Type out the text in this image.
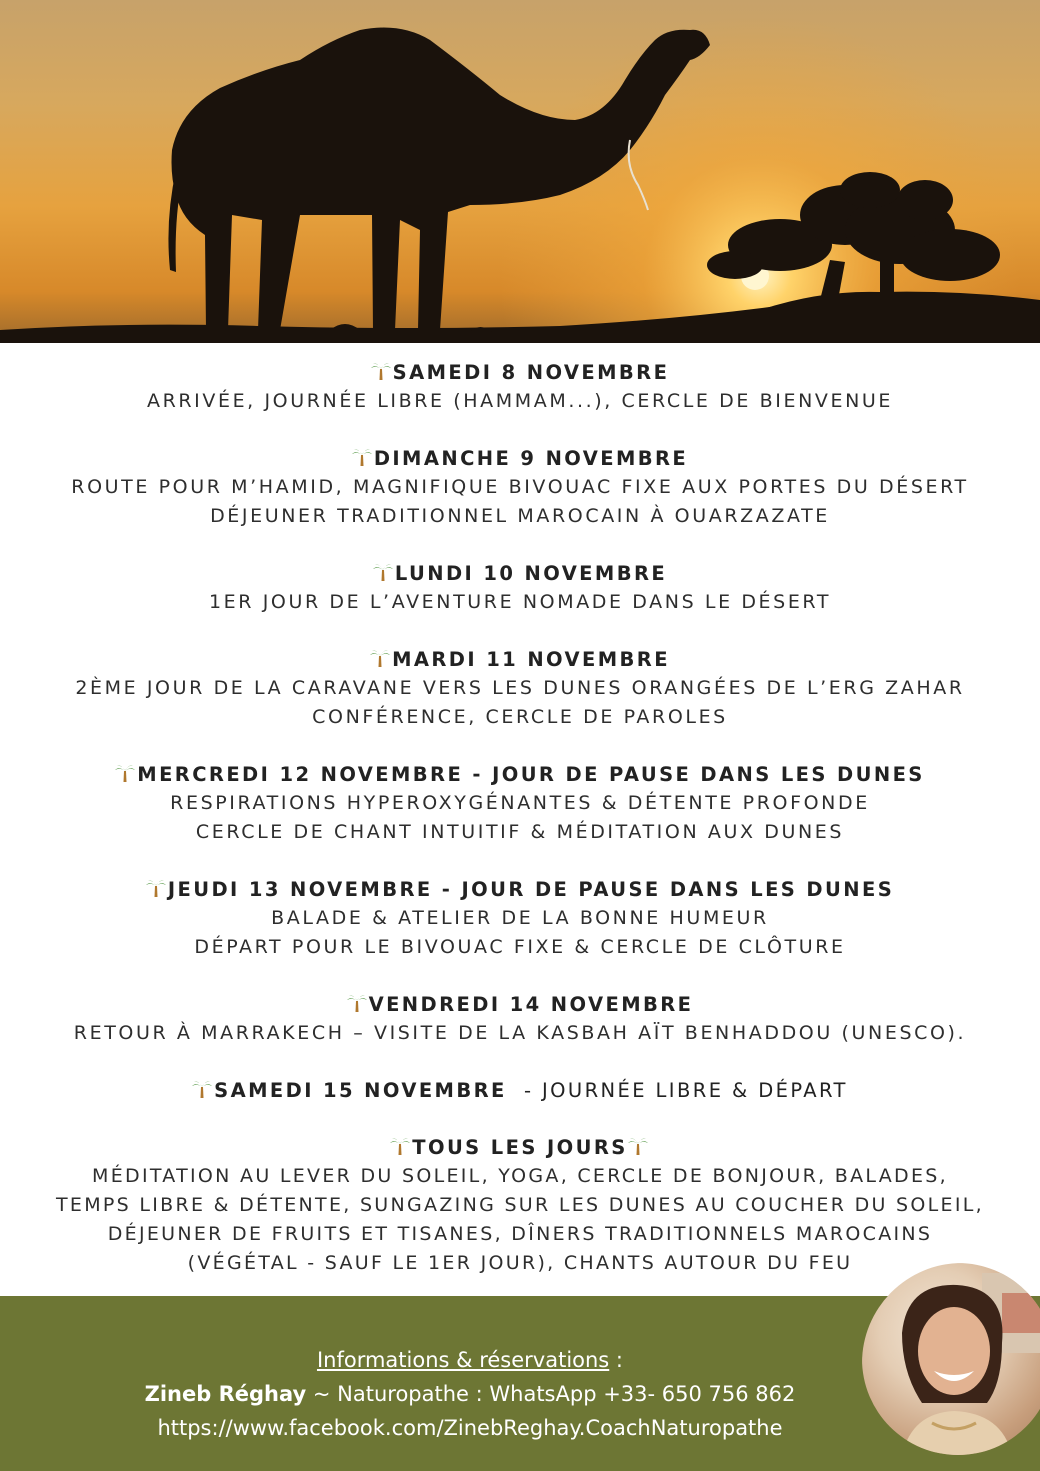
SAMEDI 8 NOVEMBRE
ARRIVÉE, JOURNÉE LIBRE (HAMMAM...), CERCLE DE BIENVENUE
DIMANCHE 9 NOVEMBRE
ROUTE POUR M’HAMID, MAGNIFIQUE BIVOUAC FIXE AUX PORTES DU DÉSERT
DÉJEUNER TRADITIONNEL MAROCAIN À OUARZAZATE
LUNDI 10 NOVEMBRE
1ER JOUR DE L’AVENTURE NOMADE DANS LE DÉSERT
MARDI 11 NOVEMBRE
2ÈME JOUR DE LA CARAVANE VERS LES DUNES ORANGÉES DE L’ERG ZAHAR
CONFÉRENCE, CERCLE DE PAROLES
MERCREDI 12 NOVEMBRE - JOUR DE PAUSE DANS LES DUNES
RESPIRATIONS HYPEROXYGÉNANTES & DÉTENTE PROFONDE
CERCLE DE CHANT INTUITIF & MÉDITATION AUX DUNES
JEUDI 13 NOVEMBRE - JOUR DE PAUSE DANS LES DUNES
BALADE & ATELIER DE LA BONNE HUMEUR
DÉPART POUR LE BIVOUAC FIXE & CERCLE DE CLÔTURE
VENDREDI 14 NOVEMBRE
RETOUR À MARRAKECH – VISITE DE LA KASBAH AÏT BENHADDOU (UNESCO).
SAMEDI 15 NOVEMBRE  - JOURNÉE LIBRE & DÉPART
TOUS LES JOURS
MÉDITATION AU LEVER DU SOLEIL, YOGA, CERCLE DE BONJOUR, BALADES,
TEMPS LIBRE & DÉTENTE, SUNGAZING SUR LES DUNES AU COUCHER DU SOLEIL,
DÉJEUNER DE FRUITS ET TISANES, DÎNERS TRADITIONNELS MAROCAINS
(VÉGÉTAL - SAUF LE 1ER JOUR), CHANTS AUTOUR DU FEU
Informations & réservations :
Zineb Réghay ~ Naturopathe : WhatsApp +33- 650 756 862
https://www.facebook.com/ZinebReghay.CoachNaturopathe
